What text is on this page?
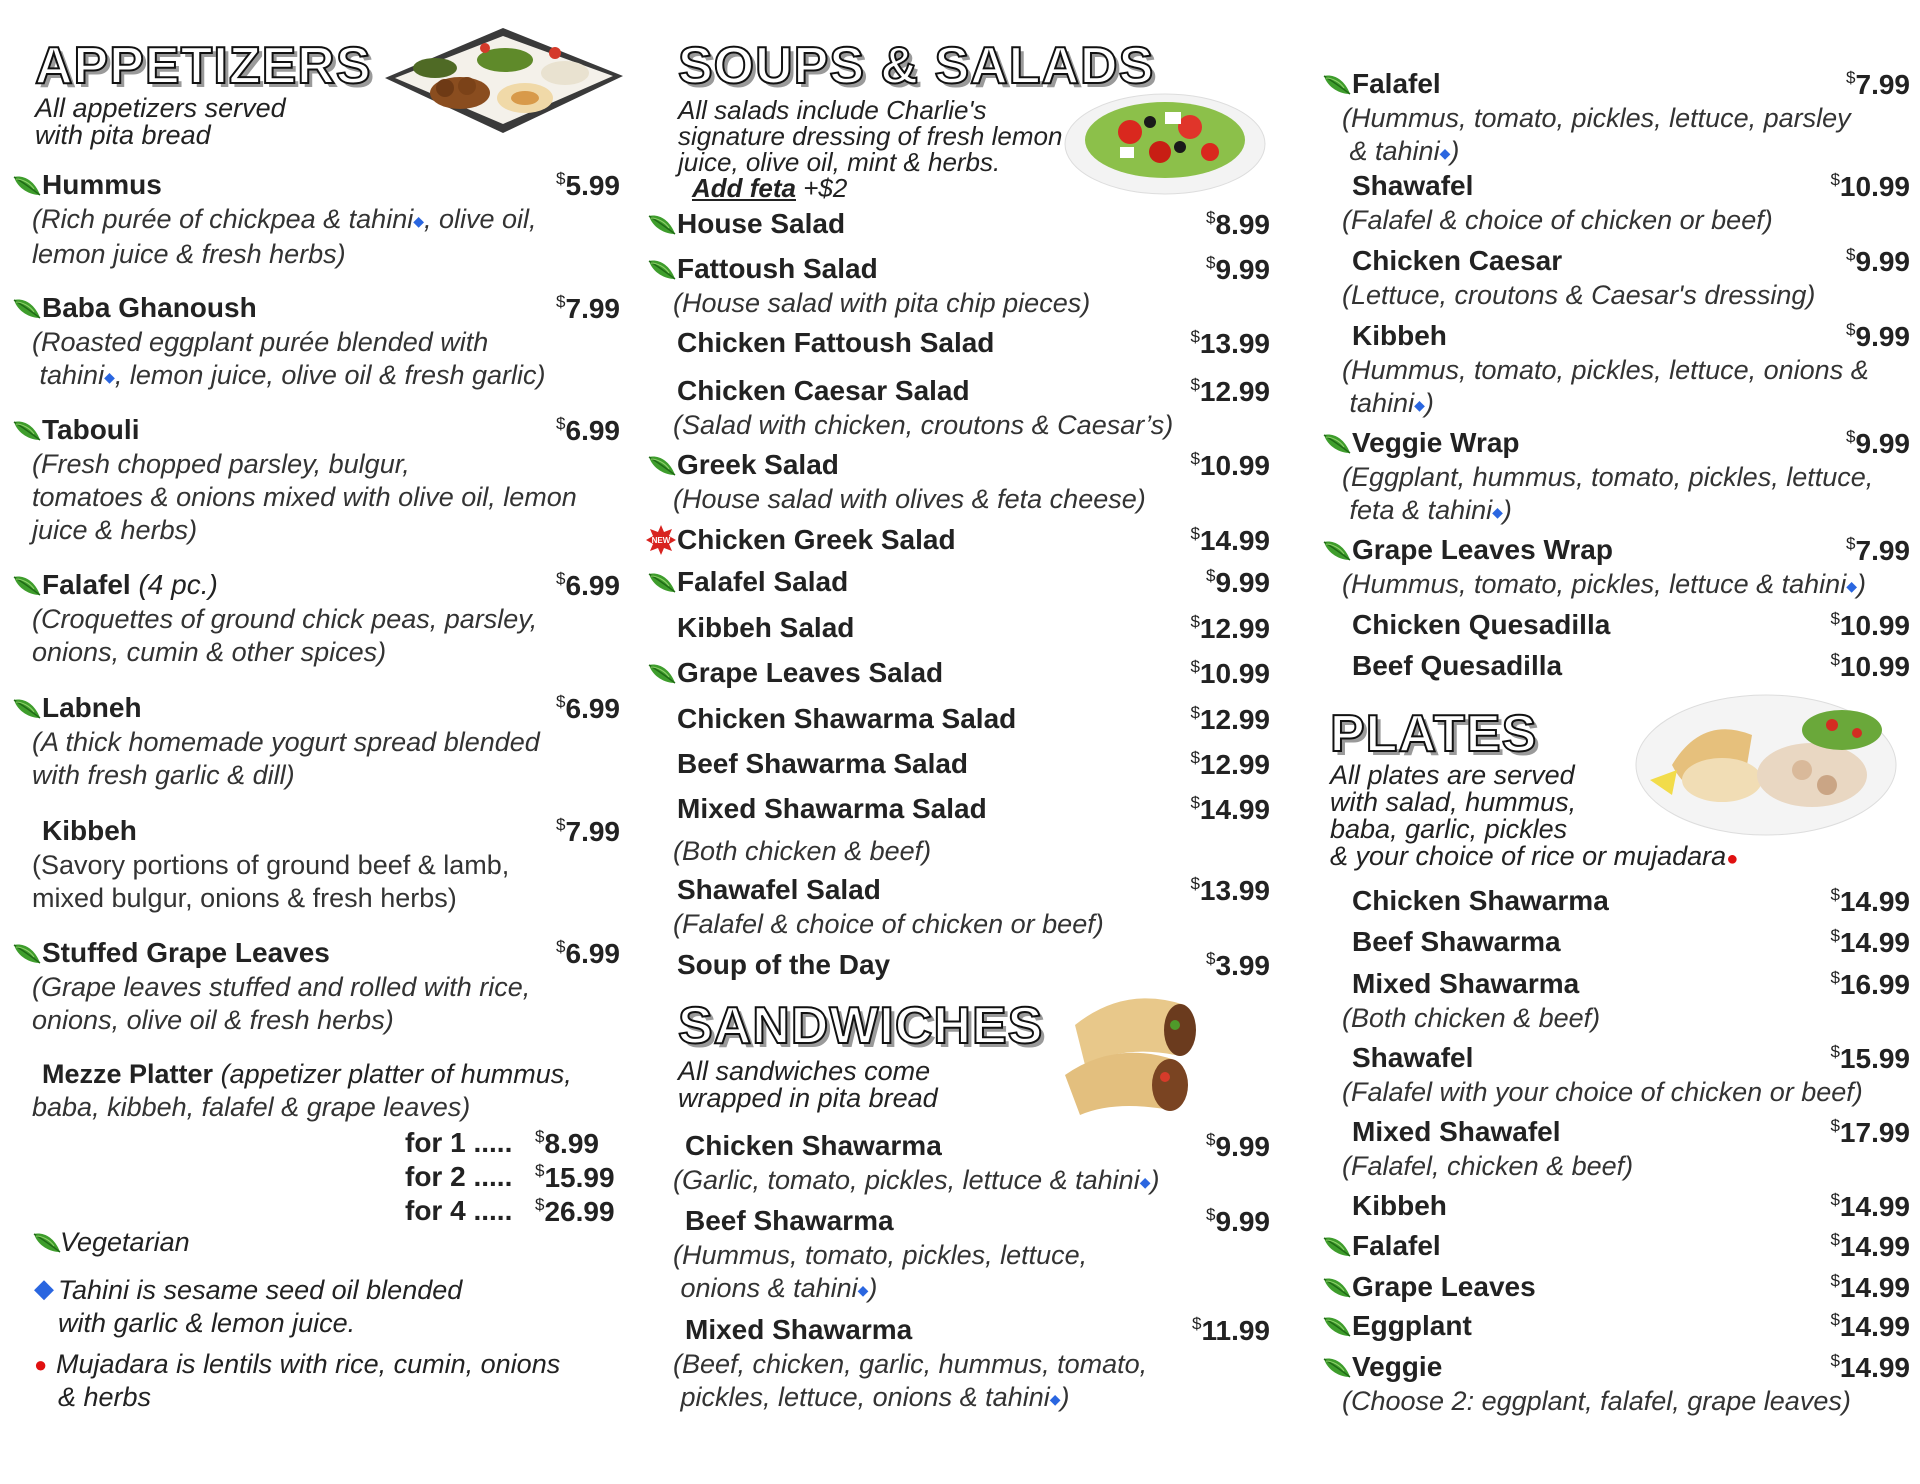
APPETIZERS
All appetizers served
with pita bread
Hummus	$5.99
(Rich purée of chickpea & tahini◆, olive oil,
lemon juice & fresh herbs)
Baba Ghanoush	$7.99
(Roasted eggplant purée blended with
tahini◆, lemon juice, olive oil & fresh garlic)
Tabouli	$6.99
(Fresh chopped parsley, bulgur,
tomatoes & onions mixed with olive oil, lemon
juice & herbs)
Falafel (4 pc.)	$6.99
(Croquettes of ground chick peas, parsley,
onions, cumin & other spices)
Labneh	$6.99
(A thick homemade yogurt spread blended
with fresh garlic & dill)
Kibbeh	$7.99
(Savory portions of ground beef & lamb,
mixed bulgur, onions & fresh herbs)
Stuffed Grape Leaves	$6.99
(Grape leaves stuffed and rolled with rice,
onions, olive oil & fresh herbs)
Mezze Platter (appetizer platter of hummus,
baba, kibbeh, falafel & grape leaves)
for 1 ..... $8.99
for 2 ..... $15.99
for 4 ..... $26.99
Vegetarian
◆ Tahini is sesame seed oil blended
with garlic & lemon juice.
● Mujadara is lentils with rice, cumin, onions
& herbs
SOUPS & SALADS
All salads include Charlie's
signature dressing of fresh lemon
juice, olive oil, mint & herbs.
Add feta +$2
House Salad	$8.99
Fattoush Salad	$9.99
(House salad with pita chip pieces)
Chicken Fattoush Salad	$13.99
Chicken Caesar Salad	$12.99
(Salad with chicken, croutons & Caesar’s)
Greek Salad	$10.99
(House salad with olives & feta cheese)
NEW Chicken Greek Salad	$14.99
Falafel Salad	$9.99
Kibbeh Salad	$12.99
Grape Leaves Salad	$10.99
Chicken Shawarma Salad	$12.99
Beef Shawarma Salad	$12.99
Mixed Shawarma Salad	$14.99
(Both chicken & beef)
Shawafel Salad	$13.99
(Falafel & choice of chicken or beef)
Soup of the Day	$3.99
SANDWICHES
All sandwiches come
wrapped in pita bread
Chicken Shawarma	$9.99
(Garlic, tomato, pickles, lettuce & tahini◆)
Beef Shawarma	$9.99
(Hummus, tomato, pickles, lettuce,
onions & tahini◆)
Mixed Shawarma	$11.99
(Beef, chicken, garlic, hummus, tomato,
pickles, lettuce, onions & tahini◆)
Falafel	$7.99
(Hummus, tomato, pickles, lettuce, parsley
& tahini◆)
Shawafel	$10.99
(Falafel & choice of chicken or beef)
Chicken Caesar	$9.99
(Lettuce, croutons & Caesar's dressing)
Kibbeh	$9.99
(Hummus, tomato, pickles, lettuce, onions &
tahini◆)
Veggie Wrap	$9.99
(Eggplant, hummus, tomato, pickles, lettuce,
feta & tahini◆)
Grape Leaves Wrap	$7.99
(Hummus, tomato, pickles, lettuce & tahini◆)
Chicken Quesadilla	$10.99
Beef Quesadilla	$10.99
PLATES
All plates are served
with salad, hummus,
baba, garlic, pickles
& your choice of rice or mujadara●
Chicken Shawarma	$14.99
Beef Shawarma	$14.99
Mixed Shawarma	$16.99
(Both chicken & beef)
Shawafel	$15.99
(Falafel with your choice of chicken or beef)
Mixed Shawafel	$17.99
(Falafel, chicken & beef)
Kibbeh	$14.99
Falafel	$14.99
Grape Leaves	$14.99
Eggplant	$14.99
Veggie	$14.99
(Choose 2: eggplant, falafel, grape leaves)
